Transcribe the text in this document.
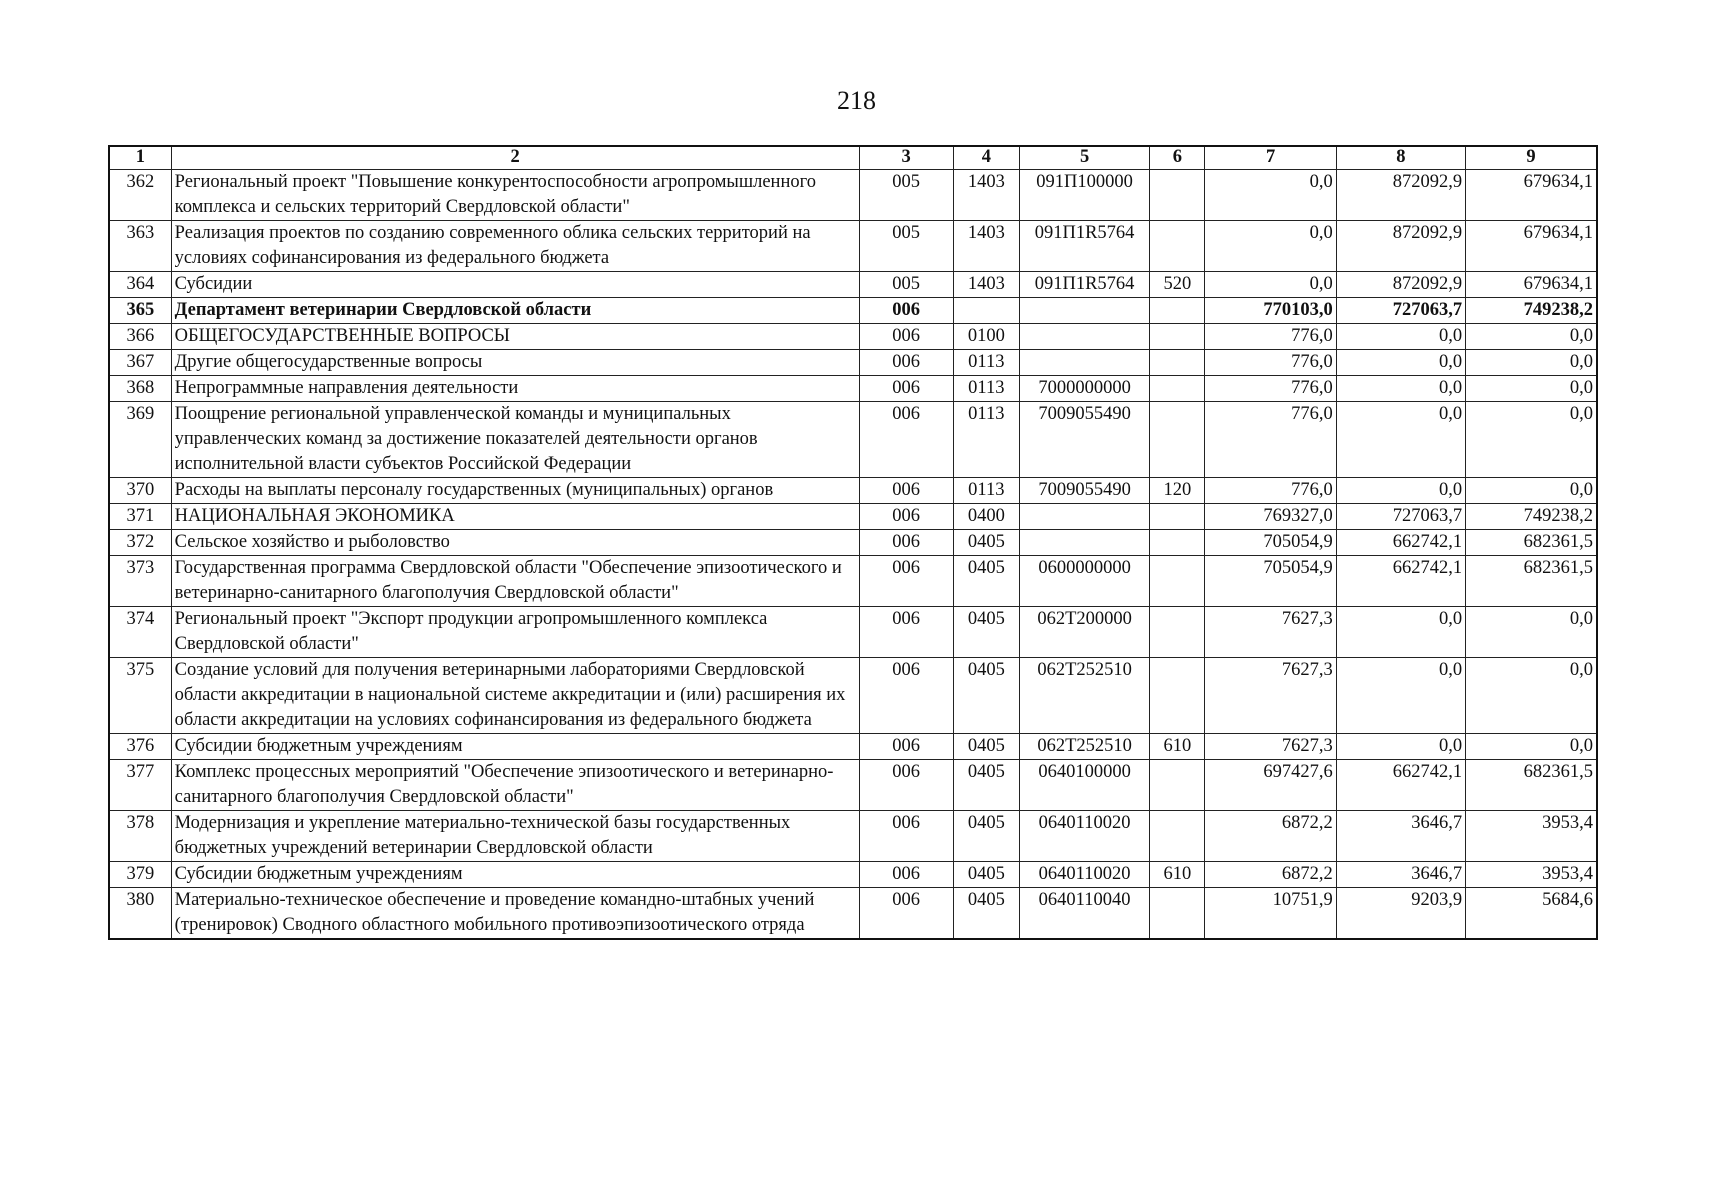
218
1	2	3	4	5	6	7	8	9
362	Региональный проект "Повышение конкурентоспособности агропромышленного комплекса и сельских территорий Свердловской области"	005	1403	091П100000		0,0	872092,9	679634,1
363	Реализация проектов по созданию современного облика сельских территорий на условиях софинансирования из федерального бюджета	005	1403	091П1R5764		0,0	872092,9	679634,1
364	Субсидии	005	1403	091П1R5764	520	0,0	872092,9	679634,1
365	Департамент ветеринарии Свердловской области	006				770103,0	727063,7	749238,2
366	ОБЩЕГОСУДАРСТВЕННЫЕ ВОПРОСЫ	006	0100			776,0	0,0	0,0
367	Другие общегосударственные вопросы	006	0113			776,0	0,0	0,0
368	Непрограммные направления деятельности	006	0113	7000000000		776,0	0,0	0,0
369	Поощрение региональной управленческой команды и муниципальных управленческих команд за достижение показателей деятельности органов исполнительной власти субъектов Российской Федерации	006	0113	7009055490		776,0	0,0	0,0
370	Расходы на выплаты персоналу государственных (муниципальных) органов	006	0113	7009055490	120	776,0	0,0	0,0
371	НАЦИОНАЛЬНАЯ ЭКОНОМИКА	006	0400			769327,0	727063,7	749238,2
372	Сельское хозяйство и рыболовство	006	0405			705054,9	662742,1	682361,5
373	Государственная программа Свердловской области "Обеспечение эпизоотического и ветеринарно-санитарного благополучия Свердловской области"	006	0405	0600000000		705054,9	662742,1	682361,5
374	Региональный проект "Экспорт продукции агропромышленного комплекса Свердловской области"	006	0405	062T200000		7627,3	0,0	0,0
375	Создание условий для получения ветеринарными лабораториями Свердловской области аккредитации в национальной системе аккредитации и (или) расширения их области аккредитации на условиях софинансирования из федерального бюджета	006	0405	062T252510		7627,3	0,0	0,0
376	Субсидии бюджетным учреждениям	006	0405	062T252510	610	7627,3	0,0	0,0
377	Комплекс процессных мероприятий "Обеспечение эпизоотического и ветеринарно-санитарного благополучия Свердловской области"	006	0405	0640100000		697427,6	662742,1	682361,5
378	Модернизация и укрепление материально-технической базы государственных бюджетных учреждений ветеринарии Свердловской области	006	0405	0640110020		6872,2	3646,7	3953,4
379	Субсидии бюджетным учреждениям	006	0405	0640110020	610	6872,2	3646,7	3953,4
380	Материально-техническое обеспечение и проведение командно-штабных учений (тренировок) Сводного областного мобильного противоэпизоотического отряда	006	0405	0640110040		10751,9	9203,9	5684,6
